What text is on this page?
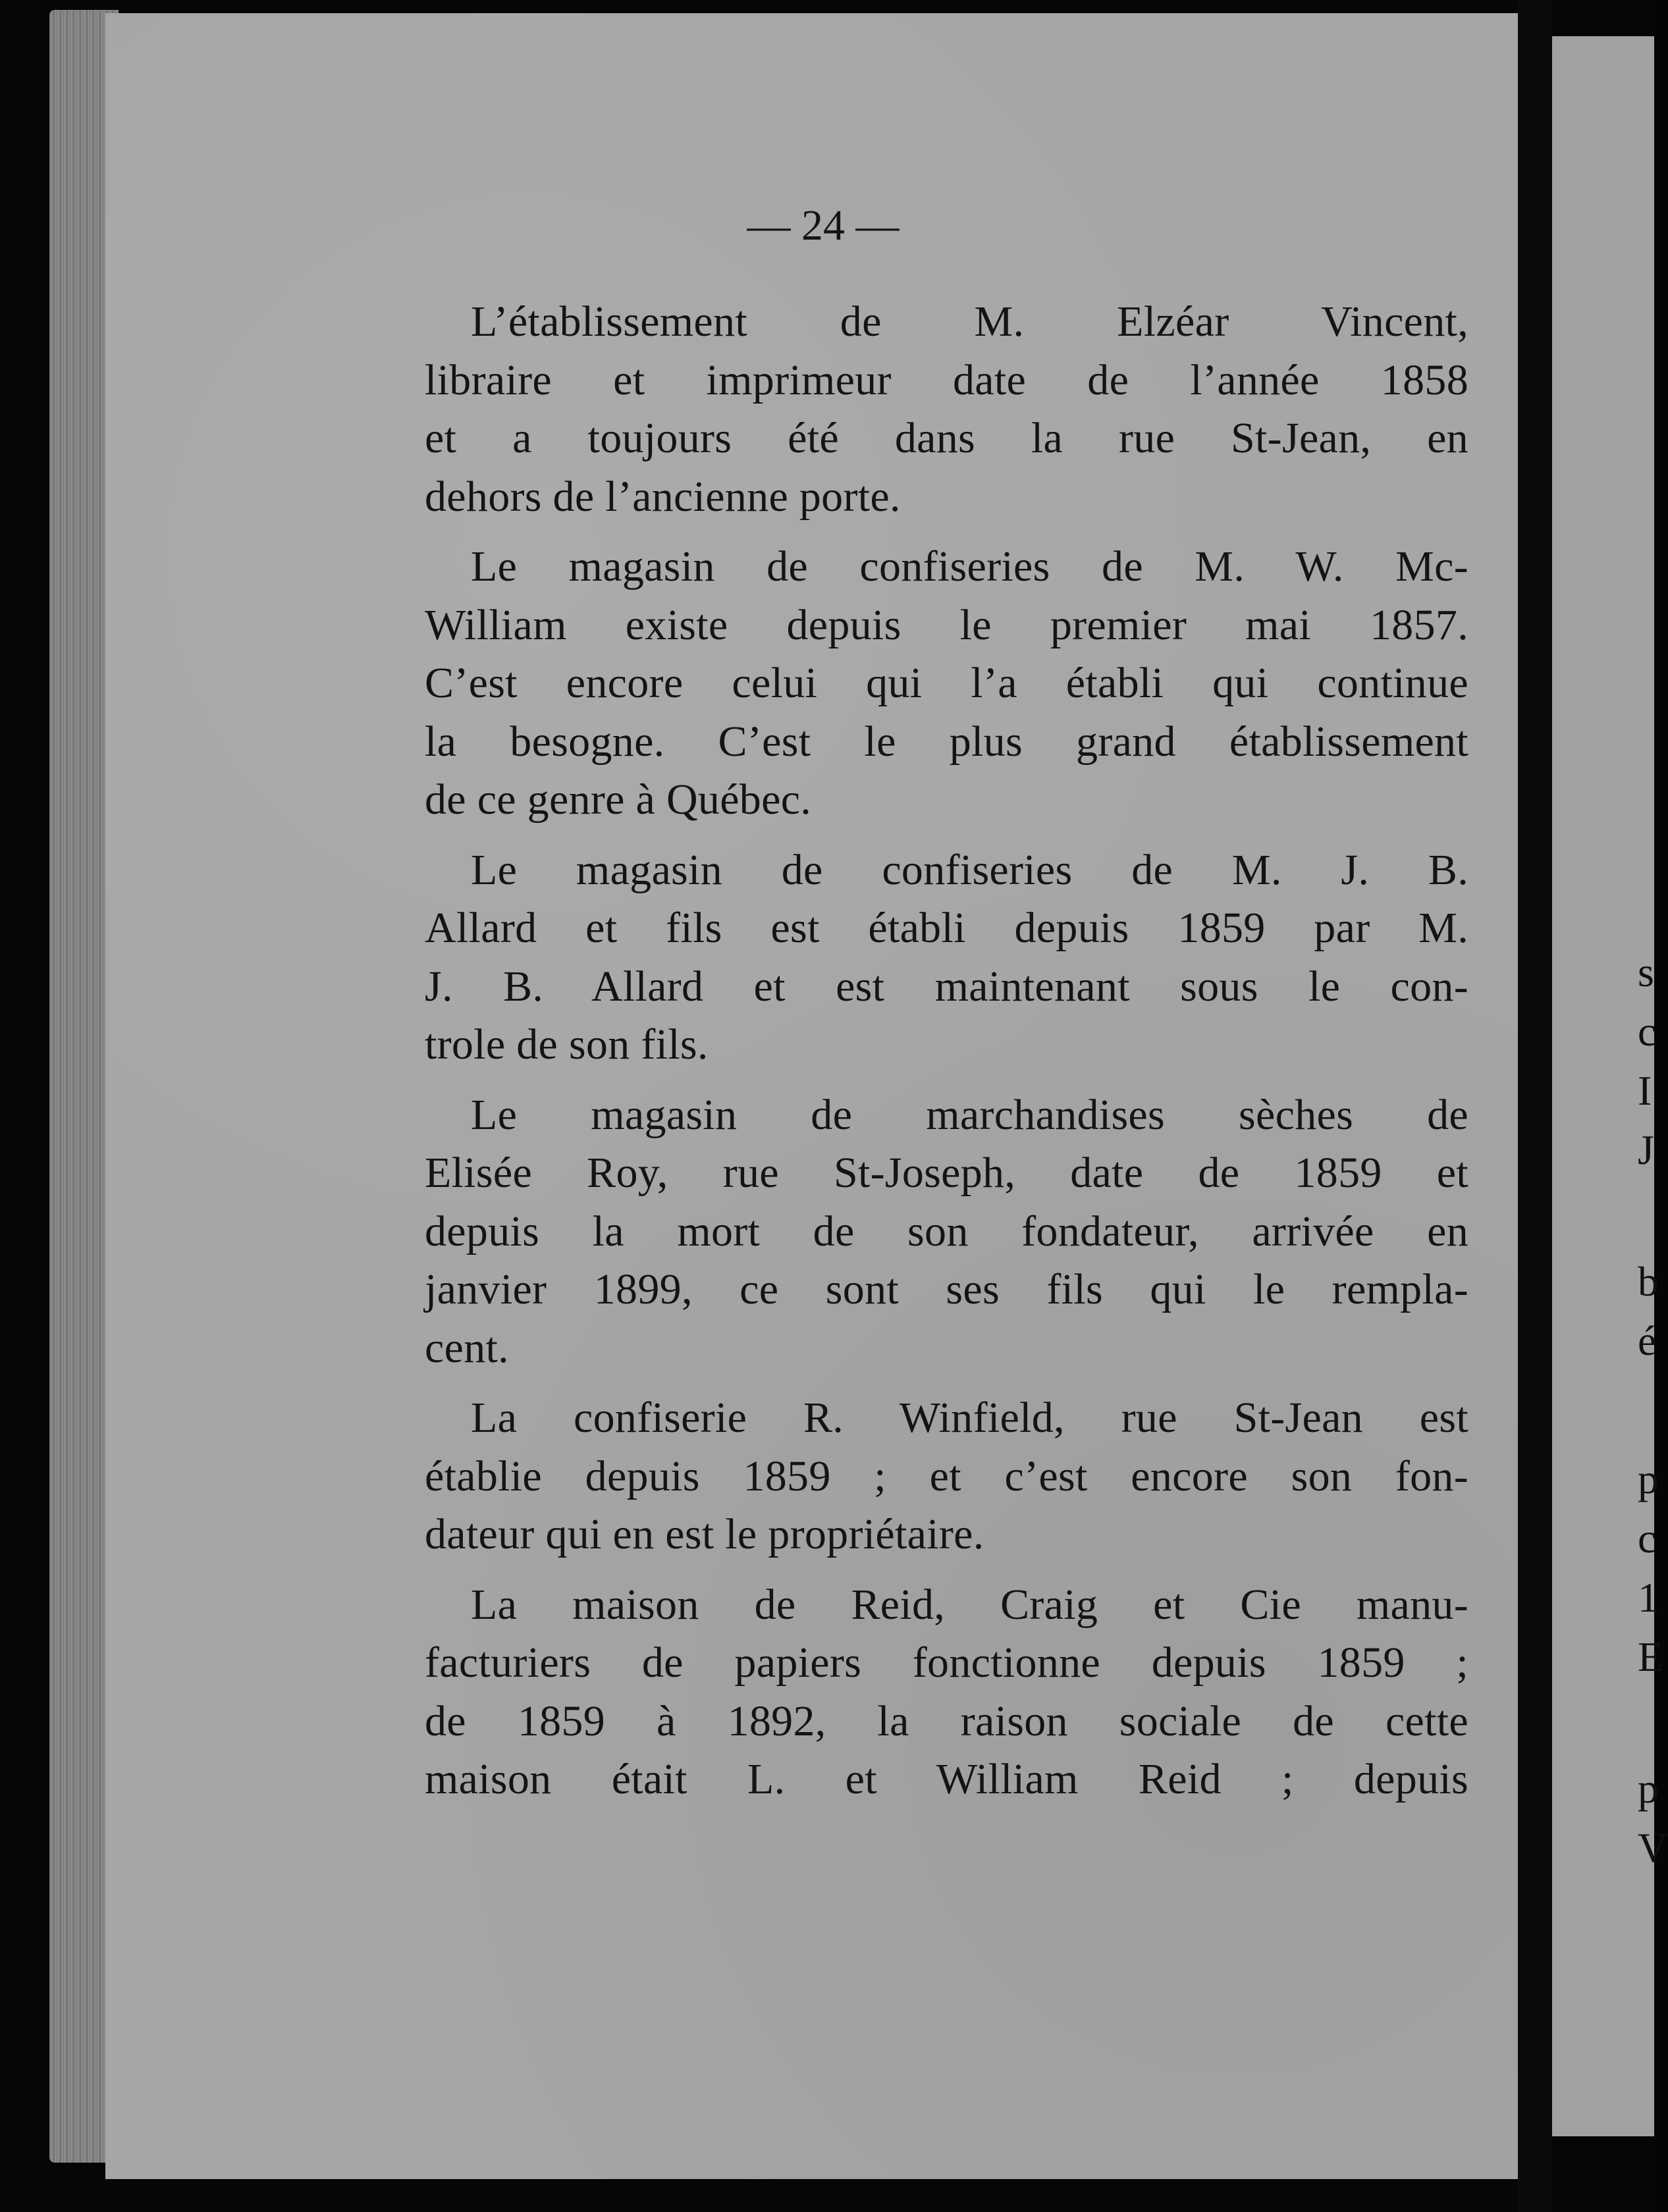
— 24 —
L’établissement de M. Elzéar Vincent,
libraire et imprimeur date de l’année 1858
et a toujours été dans la rue St-Jean, en
dehors de l’ancienne porte.
Le magasin de confiseries de M. W. Mc-
William existe depuis le premier mai 1857.
C’est encore celui qui l’a établi qui continue
la besogne. C’est le plus grand établissement
de ce genre à Québec.
Le magasin de confiseries de M. J. B.
Allard et fils est établi depuis 1859 par M.
J. B. Allard et est maintenant sous le con-
trole de son fils.
Le magasin de marchandises sèches de
Elisée Roy, rue St-Joseph, date de 1859 et
depuis la mort de son fondateur, arrivée en
janvier 1899, ce sont ses fils qui le rempla-
cent.
La confiserie R. Winfield, rue St-Jean est
établie depuis 1859 ; et c’est encore son fon-
dateur qui en est le propriétaire.
La maison de Reid, Craig et Cie manu-
facturiers de papiers fonctionne depuis 1859 ;
de 1859 à 1892, la raison sociale de cette
maison était L. et William Reid ; depuis
s
c
I
J
b
é
p
c
1
E
p
V
